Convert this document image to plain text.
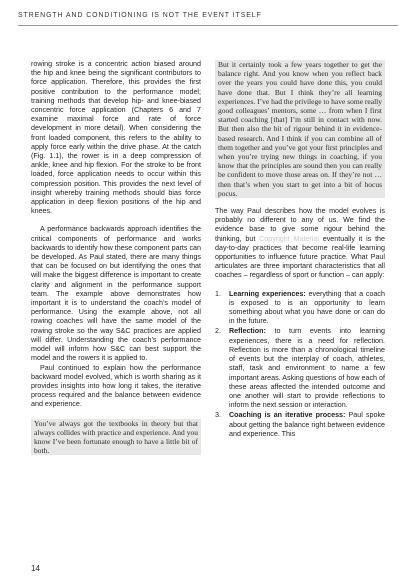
STRENGTH AND CONDITIONING IS NOT THE EVENT ITSELF

rowing stroke is a concentric action biased around the hip and knee being the significant contributors to force application. Therefore, this provides the first positive contribution to the performance model; training methods that develop hip- and knee-biased concentric force application (Chapters 6 and 7 examine maximal force and rate of force development in more detail). When considering the front loaded component, this refers to the ability to apply force early within the drive phase. At the catch (Fig. 1.1), the rower is in a deep compression of ankle, knee and hip flexion. For the stroke to be front loaded, force application needs to occur within this compression position. This provides the next level of insight whereby training methods should bias force application in deep flexion positions of the hip and knees.

A performance backwards approach identifies the critical components of performance and works backwards to identify how these component parts can be developed. As Paul stated, there are many things that can be focused on but identifying the ones that will make the biggest difference is important to create clarity and alignment in the performance support team. The example above demonstrates how important it is to understand the coach’s model of performance. Using the example above, not all rowing coaches will have the same model of the rowing stroke so the way S&C practices are applied will differ. Understanding the coach’s performance model will inform how S&C can best support the model and the rowers it is applied to.

Paul continued to explain how the performance backward model evolved, which is worth sharing as it provides insights into how long it takes, the iterative process required and the balance between evidence and experience.

You’ve always got the textbooks in theory but that always collides with practice and experience. And you know I’ve been fortunate enough to have a little bit of both.

But it certainly took a few years together to get the balance right. And you know when you reflect back over the years you could have done this, you could have done that. But I think they’re all learning experiences. I’ve had the privilege to have some really good colleagues’ mentors, some … from when I first started coaching [that] I’m still in contact with now. But then also the bit of rigour behind it in evidence-based research. And I think if you can combine all of them together and you’ve got your first principles and when you’re trying new things in coaching, if you know that the principles are sound then you can really be confident to move those areas on. If they’re not … then that’s when you start to get into a bit of hocus pocus.

The way Paul describes how the model evolves is probably no different to any of us. We find the evidence base to give some rigour behind the thinking, but Copyright Material eventually it is the day-to-day practices that become real-life learning opportunities to influence future practice. What Paul articulates are three important characteristics that all coaches – regardless of sport or function – can apply:

1. Learning experiences: everything that a coach is exposed to is an opportunity to learn something about what you have done or can do in the future.
2. Reflection: to turn events into learning experiences, there is a need for reflection. Reflection is more than a chronological timeline of events but the interplay of coach, athletes, staff, task and environment to name a few important areas. Asking questions of how each of these areas affected the intended outcome and one another will start to provide reflections to inform the next session or interaction.
3. Coaching is an iterative process: Paul spoke about getting the balance right between evidence and experience. This
14
